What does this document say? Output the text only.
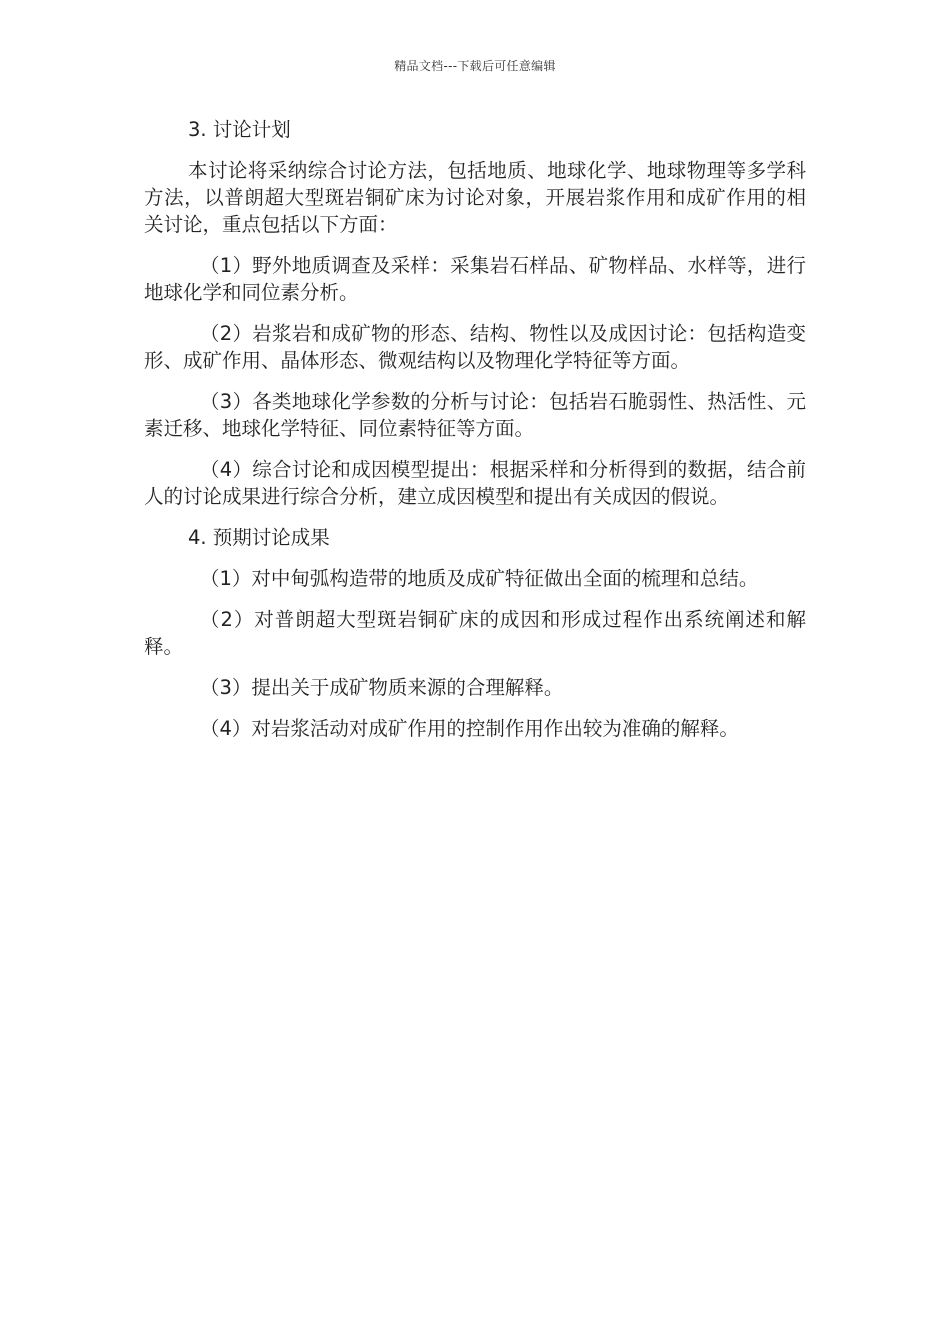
精品文档---下载后可任意编辑

3. 讨论计划

本讨论将采纳综合讨论方法，包括地质、地球化学、地球物理等多学科方法，以普朗超大型斑岩铜矿床为讨论对象，开展岩浆作用和成矿作用的相关讨论，重点包括以下方面：

（1）野外地质调查及采样：采集岩石样品、矿物样品、水样等，进行地球化学和同位素分析。

（2）岩浆岩和成矿物的形态、结构、物性以及成因讨论：包括构造变形、成矿作用、晶体形态、微观结构以及物理化学特征等方面。

（3）各类地球化学参数的分析与讨论：包括岩石脆弱性、热活性、元素迁移、地球化学特征、同位素特征等方面。

（4）综合讨论和成因模型提出：根据采样和分析得到的数据，结合前人的讨论成果进行综合分析，建立成因模型和提出有关成因的假说。

4. 预期讨论成果

（1）对中甸弧构造带的地质及成矿特征做出全面的梳理和总结。

（2）对普朗超大型斑岩铜矿床的成因和形成过程作出系统阐述和解释。

（3）提出关于成矿物质来源的合理解释。

（4）对岩浆活动对成矿作用的控制作用作出较为准确的解释。
